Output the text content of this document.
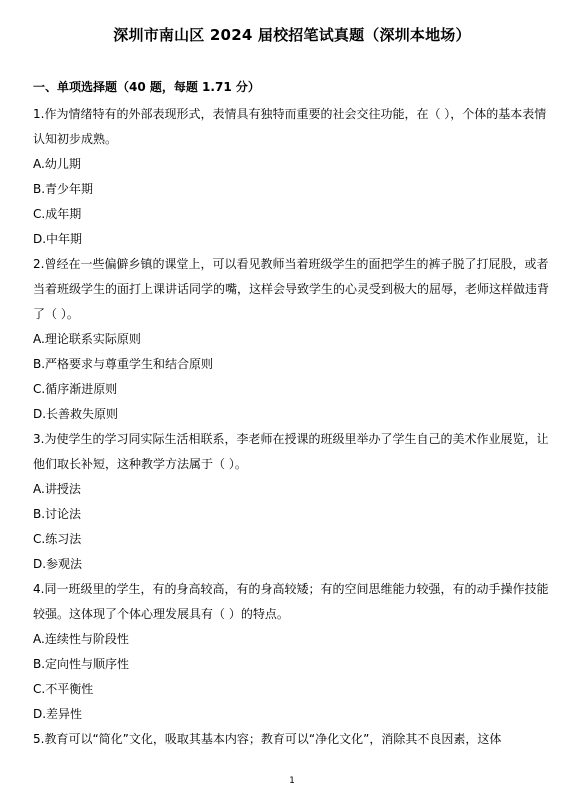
深圳市南山区 2024 届校招笔试真题（深圳本地场）
一、单项选择题（40 题，每题 1.71 分）

1.作为情绪特有的外部表现形式，表情具有独特而重要的社会交往功能，在（ ），个体的基本表情认知初步成熟。

A.幼儿期

B.青少年期

C.成年期

D.中年期

2.曾经在一些偏僻乡镇的课堂上，可以看见教师当着班级学生的面把学生的裤子脱了打屁股，或者当着班级学生的面打上课讲话同学的嘴，这样会导致学生的心灵受到极大的屈辱，老师这样做违背了（ ）。

A.理论联系实际原则

B.严格要求与尊重学生和结合原则

C.循序渐进原则

D.长善救失原则

3.为使学生的学习同实际生活相联系，李老师在授课的班级里举办了学生自己的美术作业展览，让他们取长补短，这种教学方法属于（ ）。

A.讲授法

B.讨论法

C.练习法

D.参观法

4.同一班级里的学生，有的身高较高，有的身高较矮；有的空间思维能力较强，有的动手操作技能较强。这体现了个体心理发展具有（ ）的特点。

A.连续性与阶段性

B.定向性与顺序性

C.不平衡性

D.差异性

5.教育可以“简化”文化，吸取其基本内容；教育可以“净化文化”，消除其不良因素，这体

1
